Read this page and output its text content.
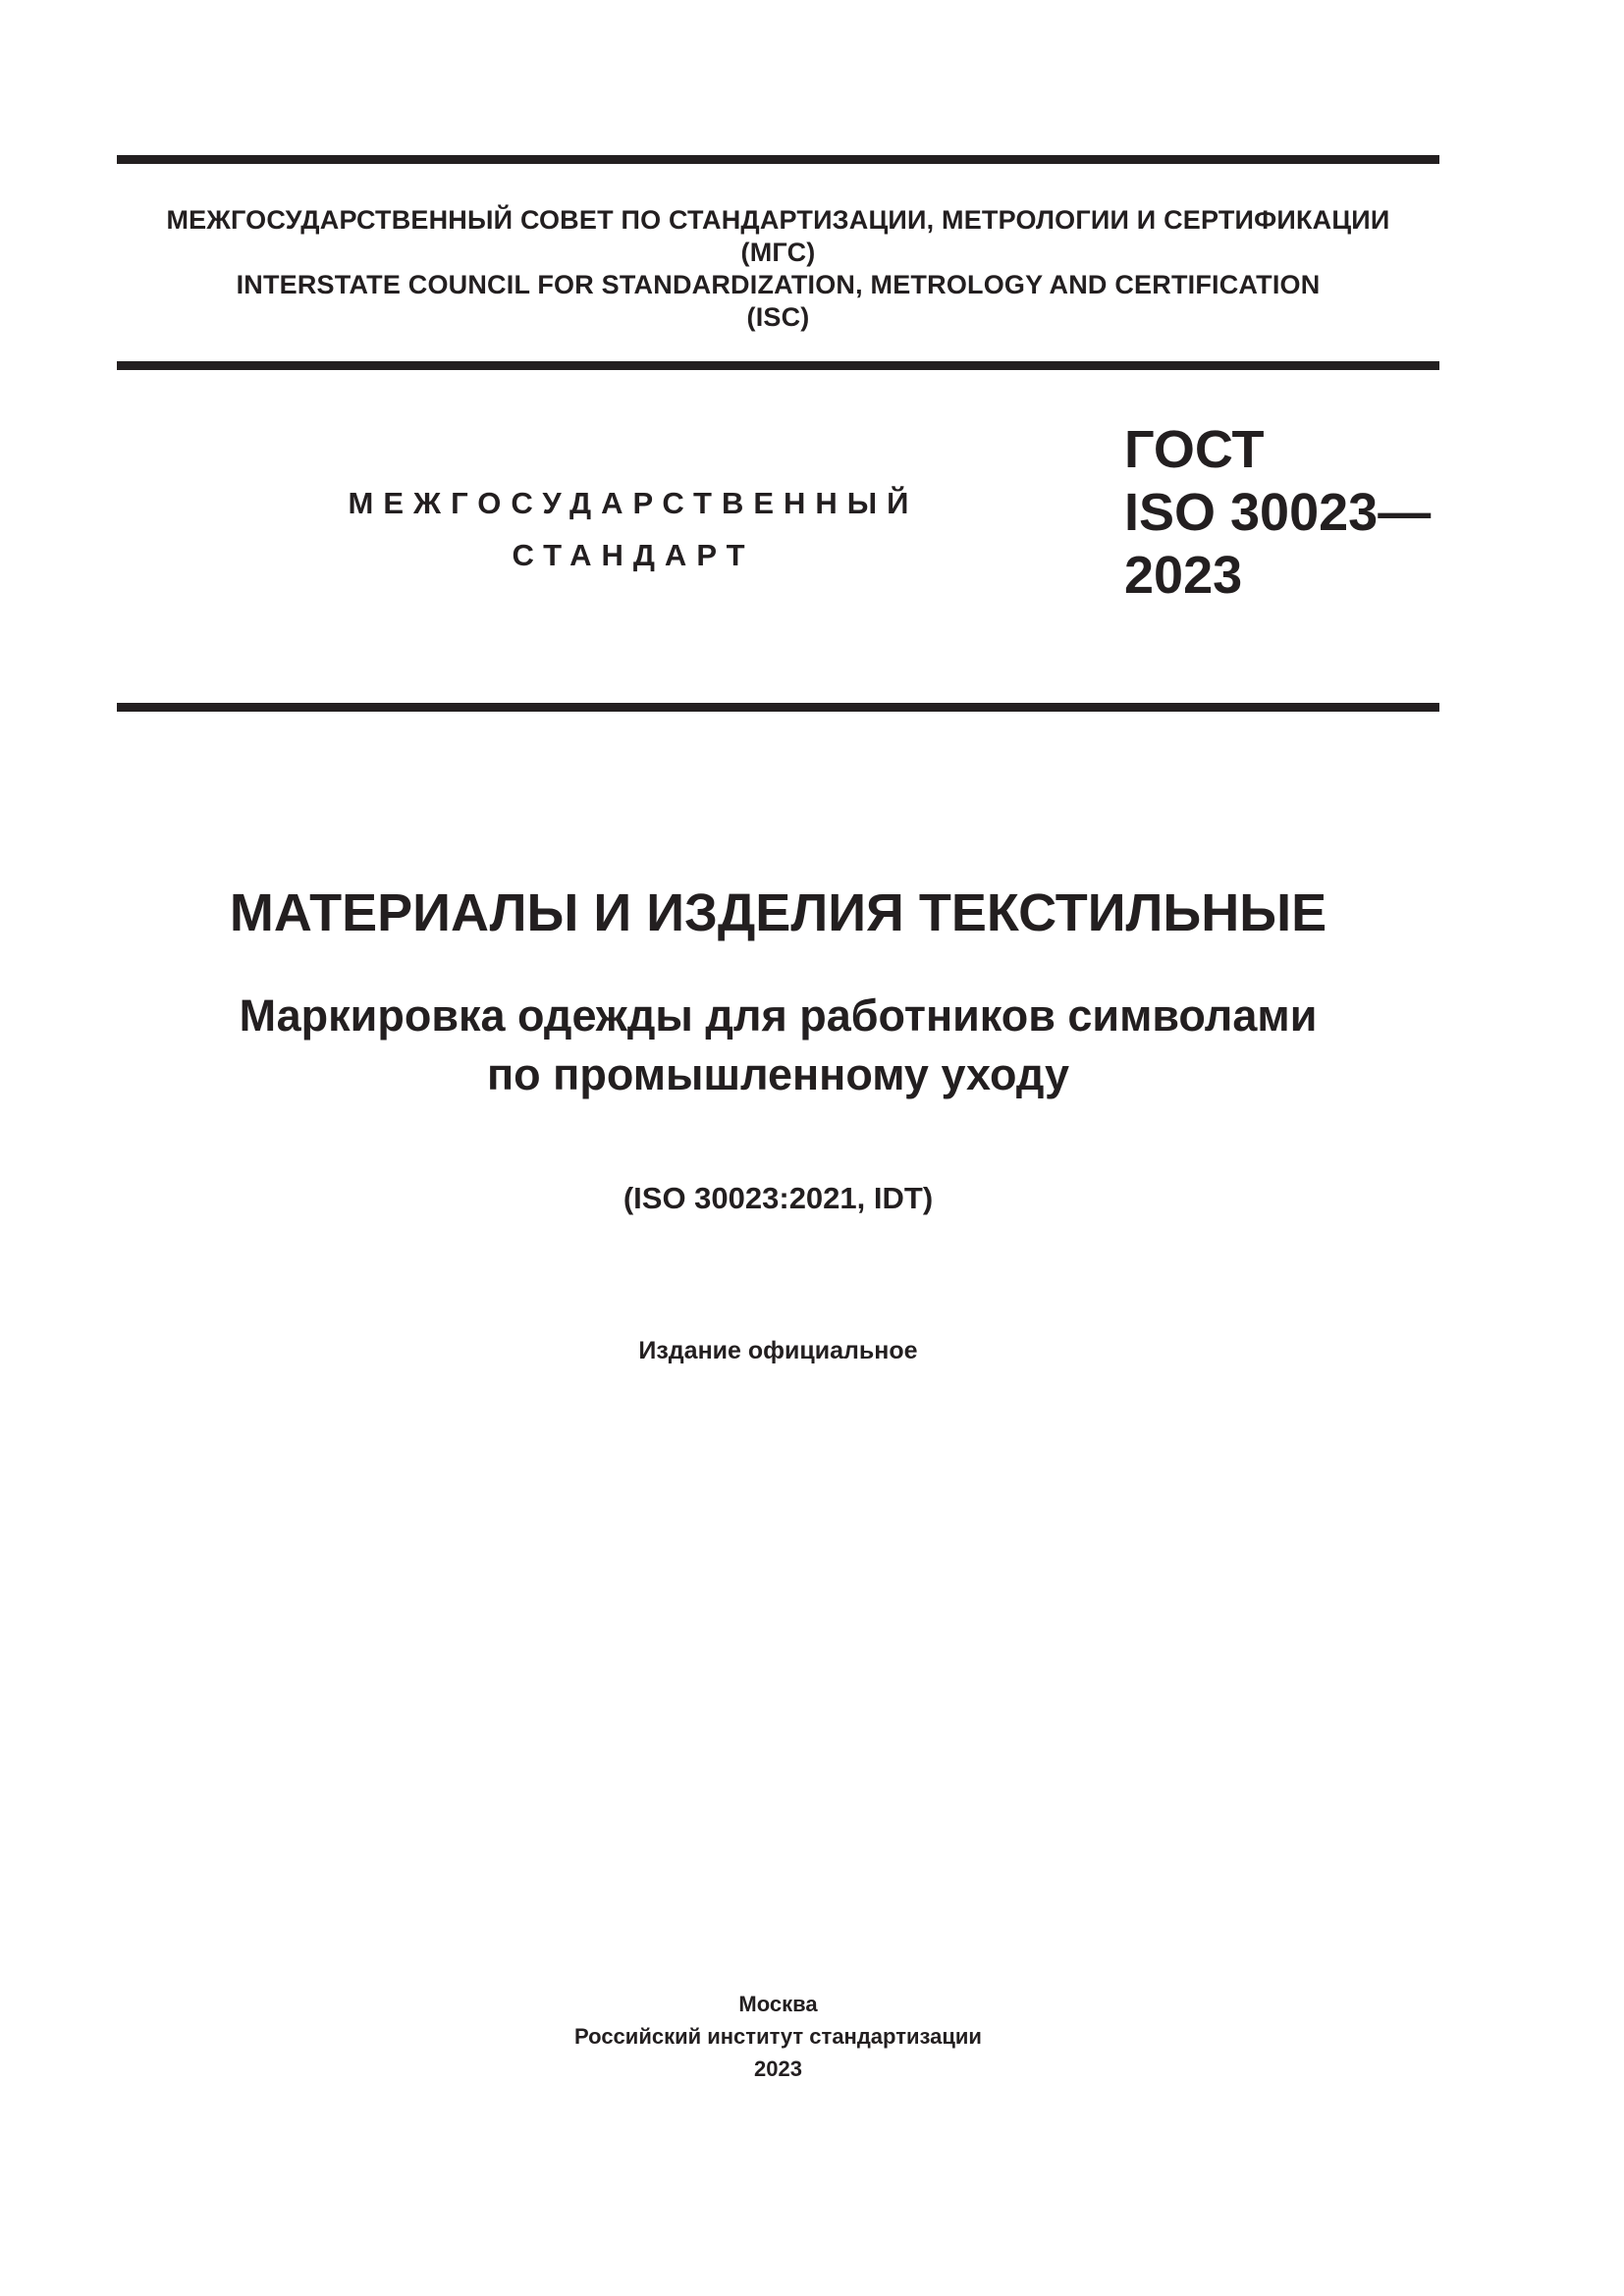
МЕЖГОСУДАРСТВЕННЫЙ СОВЕТ ПО СТАНДАРТИЗАЦИИ, МЕТРОЛОГИИ И СЕРТИФИКАЦИИ
(МГС)
INTERSTATE COUNCIL FOR STANDARDIZATION, METROLOGY AND CERTIFICATION
(ISC)
МЕЖГОСУДАРСТВЕННЫЙ
СТАНДАРТ
ГОСТ
ISO 30023—
2023
МАТЕРИАЛЫ И ИЗДЕЛИЯ ТЕКСТИЛЬНЫЕ
Маркировка одежды для работников символами
по промышленному уходу
(ISO 30023:2021, IDT)
Издание официальное
Москва
Российский институт стандартизации
2023
